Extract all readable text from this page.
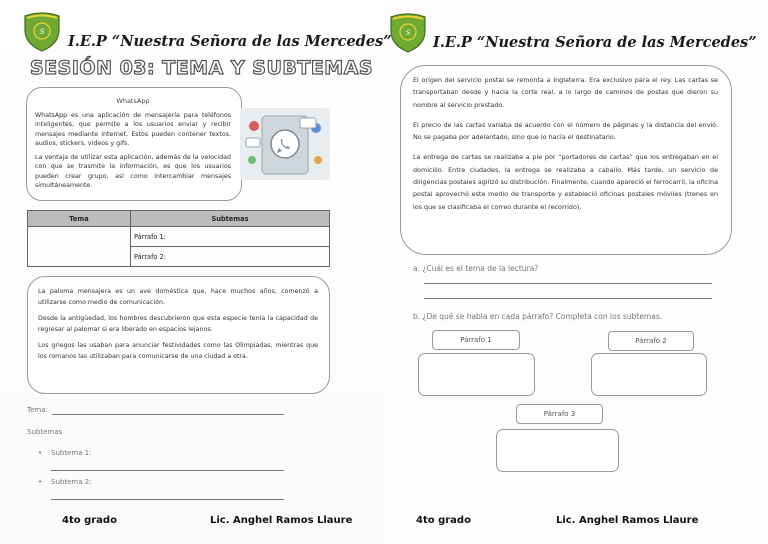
S
I.E.P “Nuestra Señora de las Mercedes”
SESIÓN 03: TEMA Y SUBTEMAS
WhatsApp

WhatsApp es una aplicación de mensajería para teléfonos inteligentes, que permite a los usuarios enviar y recibir mensajes mediante internet. Estos pueden contener textos, audios, stickers, videos y gifs.

La ventaja de utilizar esta aplicación, además de la velocidad con que se trasmite la información, es que los usuarios pueden crear grupo, así como intercambiar mensajes simultáneamente.

Tema	Subtemas
	Párrafo 1:
	Párrafo 2:

La paloma mensajera es un ave doméstica que, hace muchos años, comenzó a utilizarse como medio de comunicación.

Desde la antigüedad, los hombres descubrieron que esta especie tenía la capacidad de regresar al palomar si era liberado en espacios lejanos.

Los griegos las usaban para anunciar festividades como las Olimpiadas, mientras que los romanos las utilizaban para comunicarse de una ciudad a otra.

Tema:
Subtemas
• Subtema 1:
• Subtema 2:
4to grado	Lic. Anghel Ramos Llaure
S
I.E.P “Nuestra Señora de las Mercedes”

El origen del servicio postal se remonta a Inglaterra. Era exclusivo para el rey. Las cartas se transportaban desde y hacia la corte real, a lo largo de caminos de postas que dieron su nombre al servicio prestado.

El precio de las cartas variaba de acuerdo con el número de páginas y la distancia del envió. No se pagaba por adelantado, sino que lo hacía el destinatario.

La entrega de cartas se realizaba a pie por “portadores de cartas” que los entregaban en el domicilio. Entre ciudades, la entrega se realizaba a caballo. Más tarde, un servicio de diligencias postales agilizó su distribución. Finalmente, cuando apareció el ferrocarril, la oficina postal aprovechó este medio de transporte y estableció oficinas postales móviles (trenes en los que se clasificaba el correo durante el recorrido).

a. ¿Cuál es el tema de la lectura?
b. ¿De qué se habla en cada párrafo? Completa con los subtemas.
Párrafo 1	Párrafo 2
Párrafo 3
4to grado	Lic. Anghel Ramos Llaure
